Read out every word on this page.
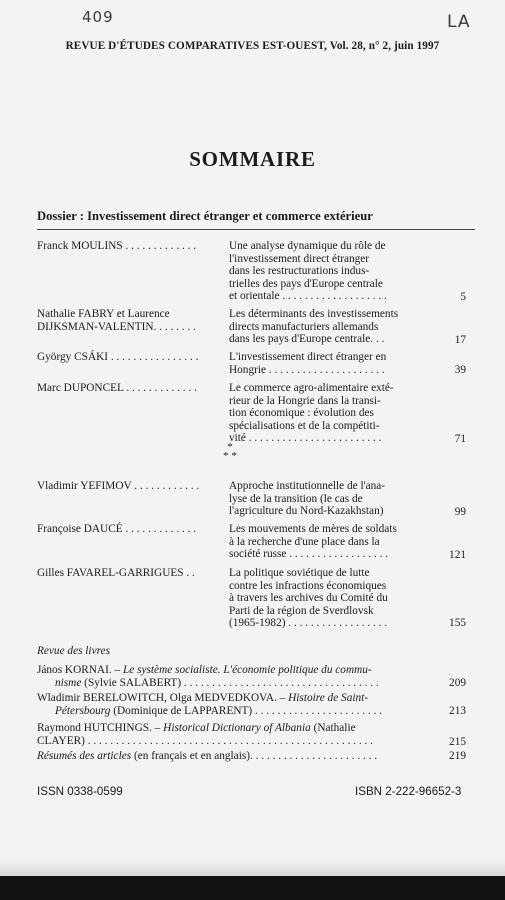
409	LA
REVUE D'ÉTUDES COMPARATIVES EST-OUEST, Vol. 28, n° 2, juin 1997
SOMMAIRE
Dossier : Investissement direct étranger et commerce extérieur
Franck MOULINS . . . . . . . . . . . . .	Une analyse dynamique du rôle de
l'investissement direct étranger
dans les restructurations indus-
trielles des pays d'Europe centrale
et orientale . . . . . . . . . . . . . . . . . . .	5
Nathalie FABRY et Laurence
DIJKSMAN-VALENTIN. . . . . . . .
Les déterminants des investissements
directs manufacturiers allemands
dans les pays d'Europe centrale. . .	17
György CSÁKI . . . . . . . . . . . . . . . .	L'investissement direct étranger en
Hongrie . . . . . . . . . . . . . . . . . . . . .	39
Marc DUPONCEL . . . . . . . . . . . . .	Le commerce agro-alimentaire exté-
rieur de la Hongrie dans la transi-
tion économique : évolution des
spécialisations et de la compétiti-
vité . . . . . . . . . . . . . . . . . . . . . . . .	71
*
* *
Vladimir YEFIMOV . . . . . . . . . . . .	Approche institutionnelle de l'ana-
lyse de la transition (le cas de
l'agriculture du Nord-Kazakhstan)	99
Françoise DAUCÉ . . . . . . . . . . . . .	Les mouvements de mères de soldats
à la recherche d'une place dans la
société russe . . . . . . . . . . . . . . . . . .	121
Gilles FAVAREL-GARRIGUES . .	La politique soviétique de lutte
contre les infractions économiques
à travers les archives du Comité du
Parti de la région de Sverdlovsk
(1965-1982) . . . . . . . . . . . . . . . . . .	155
Revue des livres
János KORNAI. – Le système socialiste. L'économie politique du commu-
nisme (Sylvie SALABERT) . . . . . . . . . . . . . . . . . . . . . . . . . . . . . . . . . . .	209
Wladimir BERELOWITCH, Olga MEDVEDKOVA. – Histoire de Saint-
Pétersbourg (Dominique de LAPPARENT) . . . . . . . . . . . . . . . . . . . . . . .	213
Raymond HUTCHINGS. – Historical Dictionary of Albania (Nathalie
CLAYER) . . . . . . . . . . . . . . . . . . . . . . . . . . . . . . . . . . . . . . . . . . . . . . . . . . .	215
Résumés des articles (en français et en anglais). . . . . . . . . . . . . . . . . . . . . . .	219
ISSN 0338-0599	ISBN 2-222-96652-3
